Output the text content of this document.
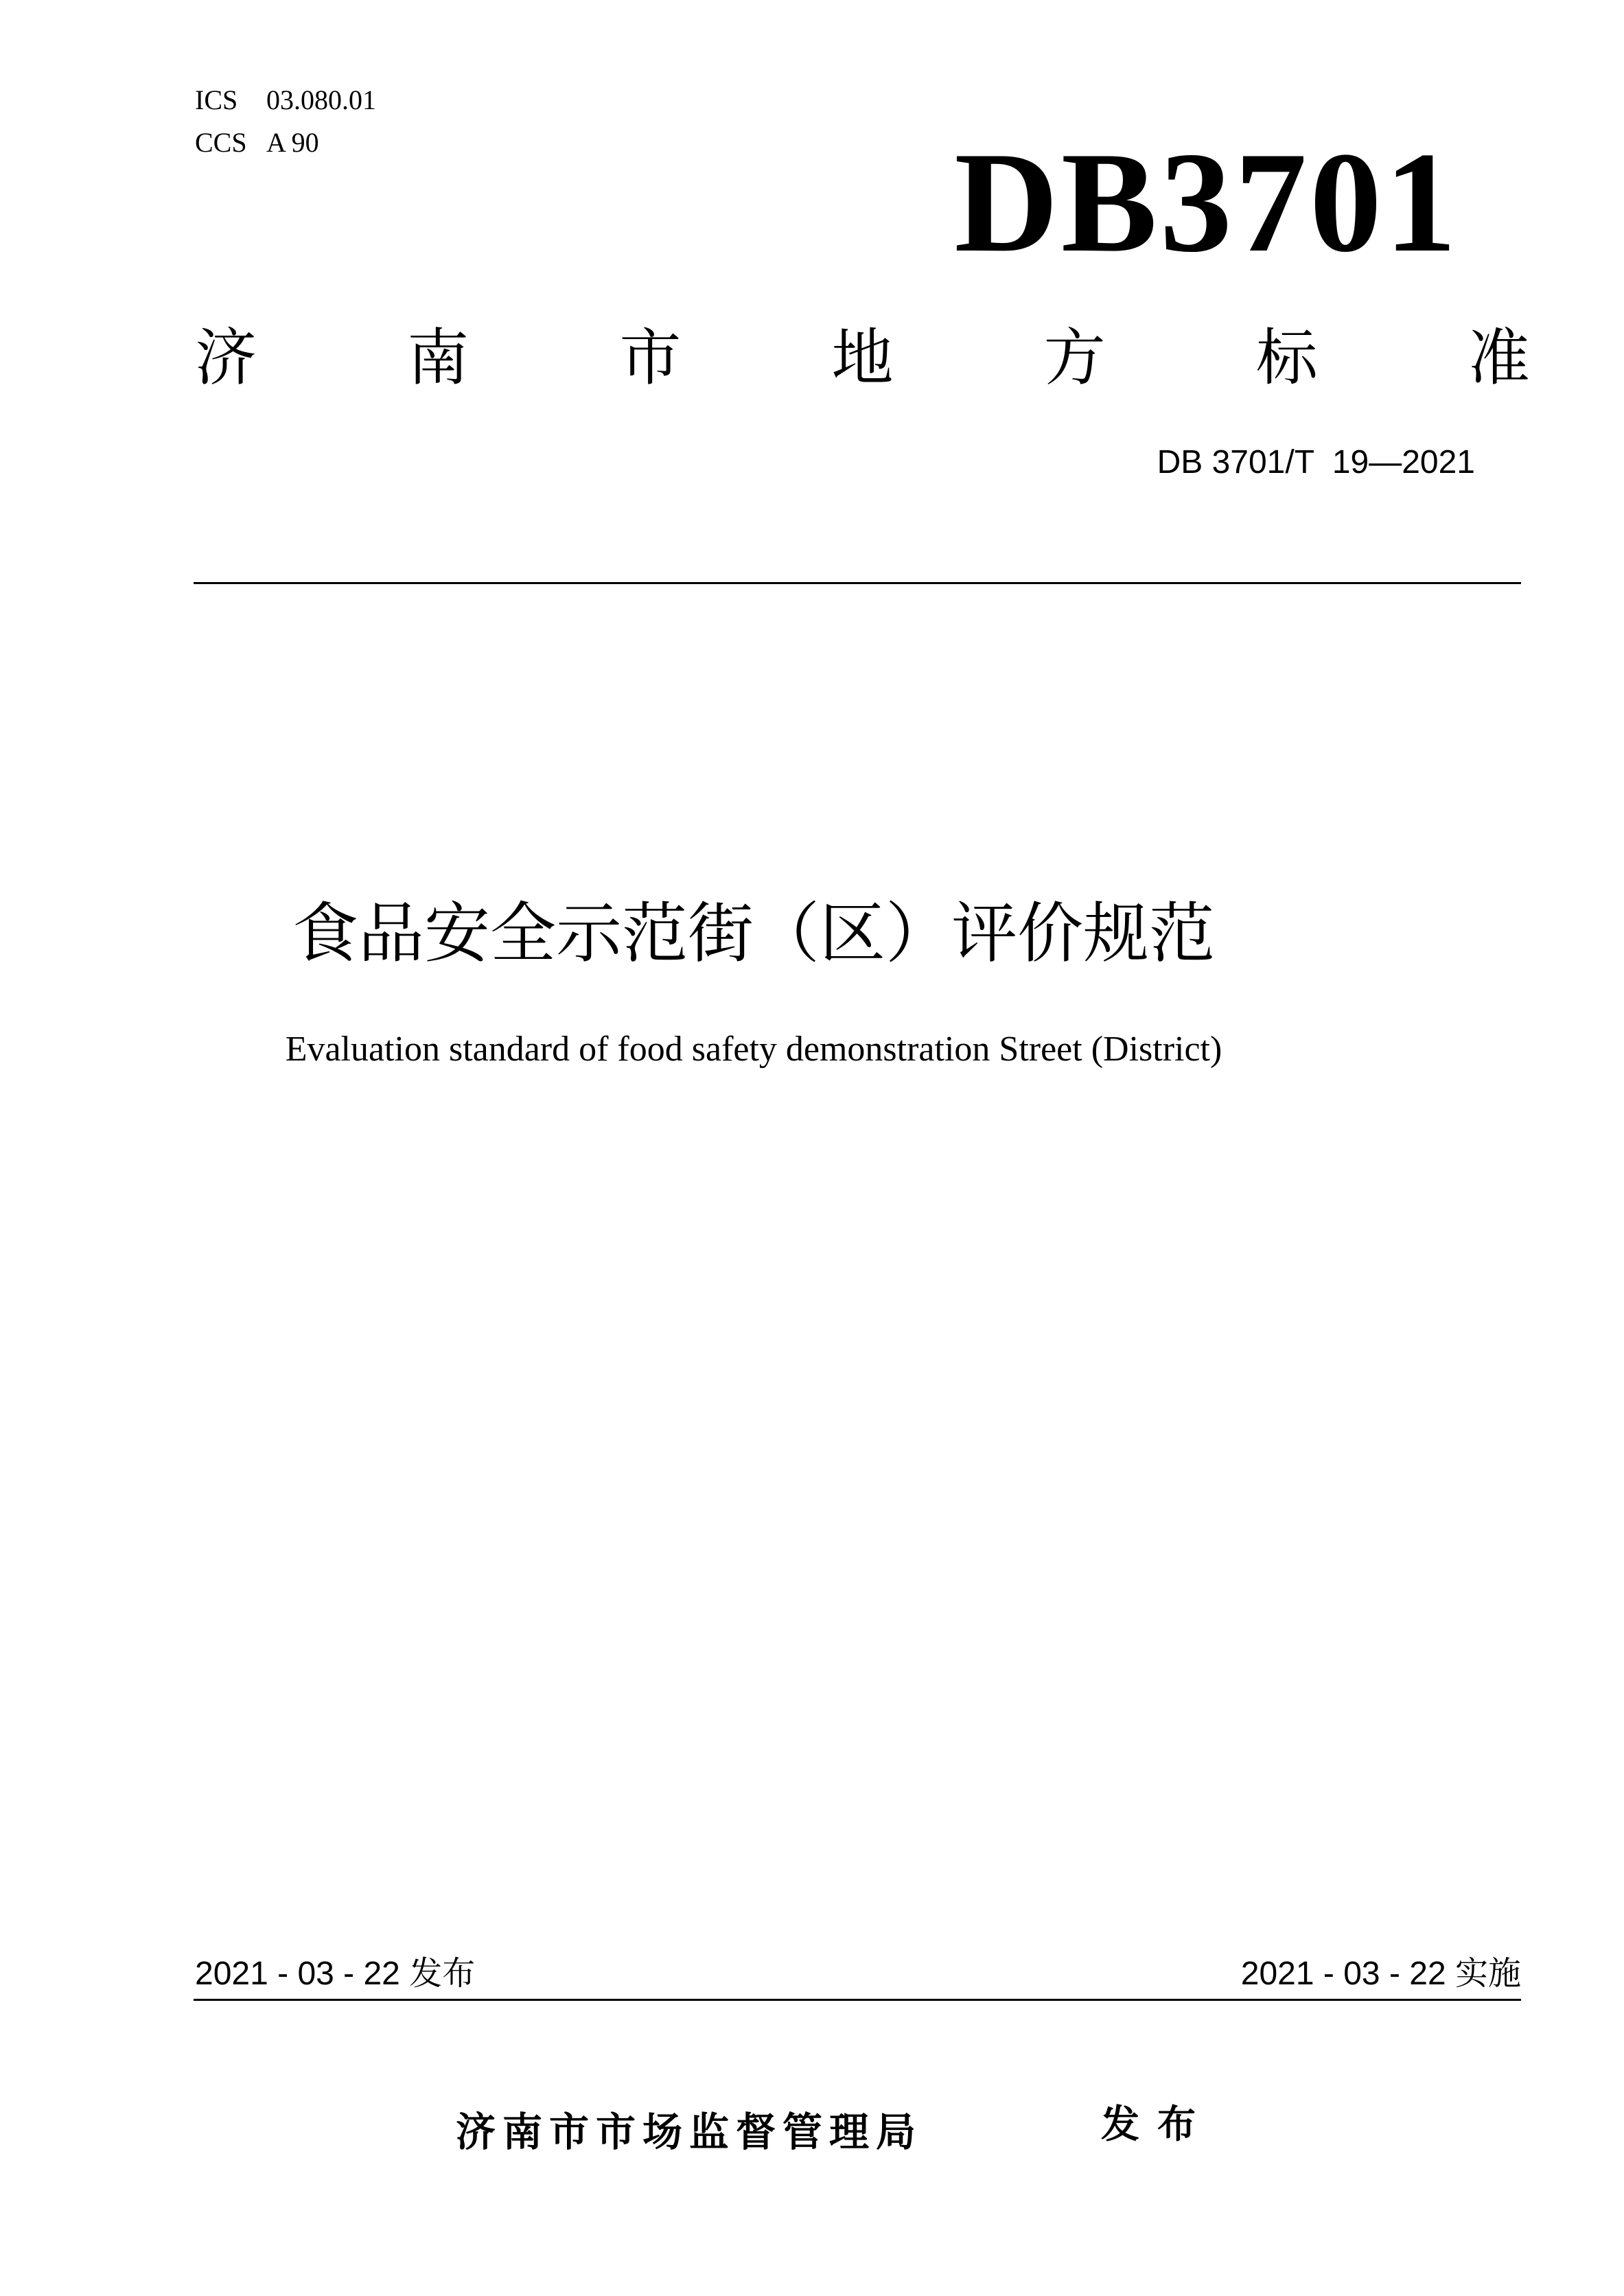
ICS 03.080.01
CCS A 90	DB3701
济 南 市 地 方 标 准
DB 3701/T  19—2021
食品安全示范街（区）评价规范
Evaluation standard of food safety demonstration Street (District)
2021 - 03 - 22 发布	2021 - 03 - 22 实施
济南市市场监督管理局	发布
